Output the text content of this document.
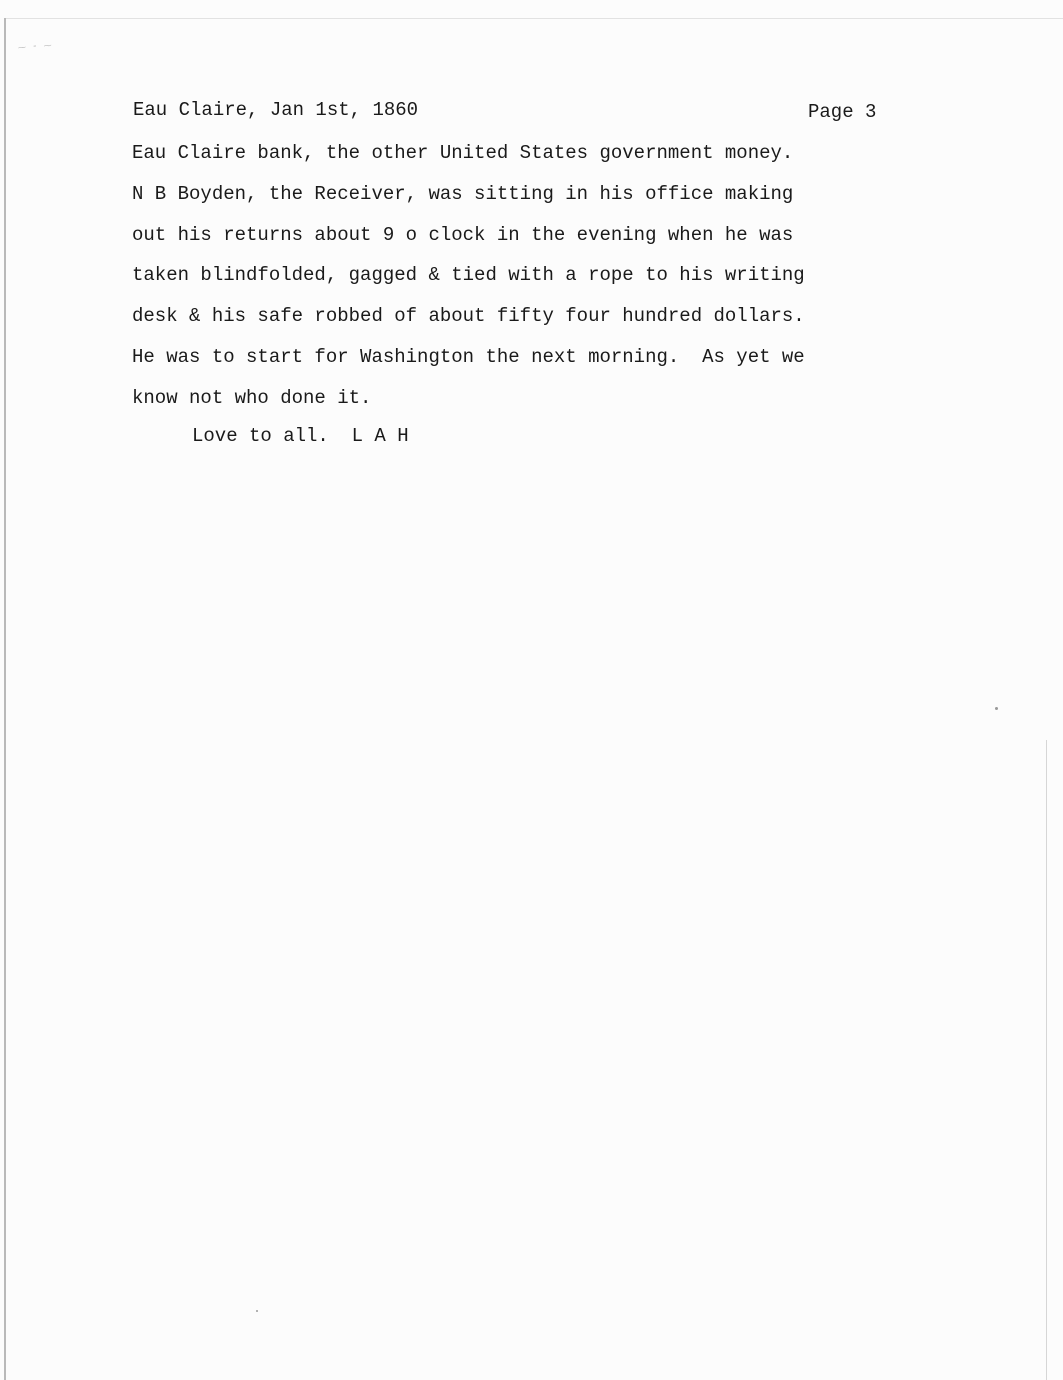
⁓ ⁃ ⁓
Eau Claire, Jan 1st, 1860	Page 3
Eau Claire bank, the other United States government money.
N B Boyden, the Receiver, was sitting in his office making
out his returns about 9 o clock in the evening when he was
taken blindfolded, gagged & tied with a rope to his writing
desk & his safe robbed of about fifty four hundred dollars.
He was to start for Washington the next morning.  As yet we
know not who done it.
Love to all.  L A H
